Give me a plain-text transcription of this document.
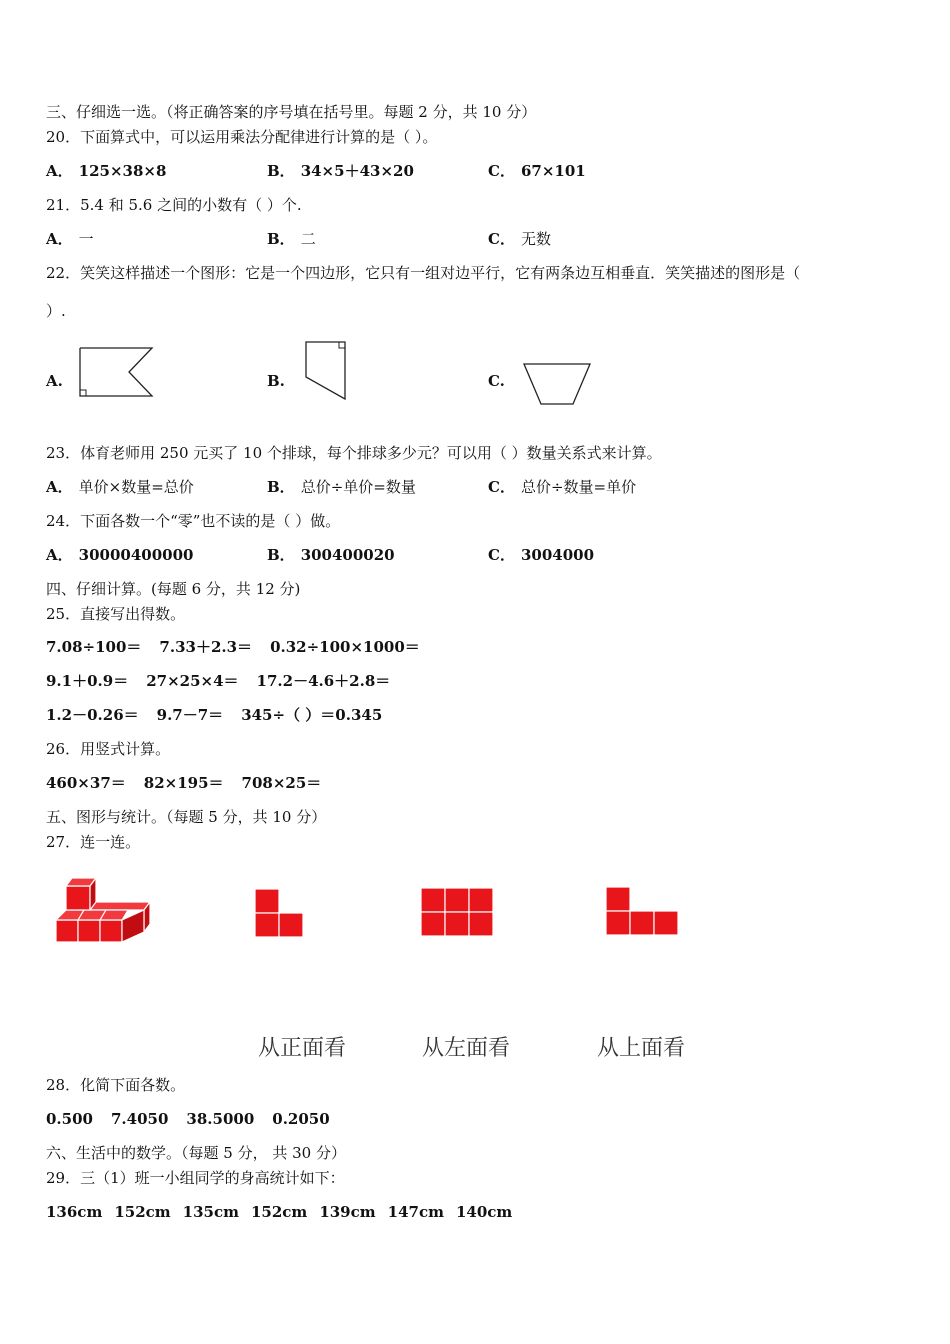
三、仔细选一选。（将正确答案的序号填在括号里。每题 2 分，共 10 分）
20．下面算式中，可以运用乘法分配律进行计算的是（ ）。
A． 125×38×8	B． 34×5＋43×20	C． 67×101
21．5.4 和 5.6 之间的小数有（ ）个.
A． 一	B． 二	C． 无数
22．笑笑这样描述一个图形：它是一个四边形，它只有一组对边平行，它有两条边互相垂直．笑笑描述的图形是（
）.
A.	B.	C.
23．体育老师用 250 元买了 10 个排球，每个排球多少元？可以用（ ）数量关系式来计算。
A． 单价×数量=总价	B． 总价÷单价=数量	C． 总价÷数量=单价
24．下面各数一个“零”也不读的是（ ）做。
A． 30000400000	B． 300400020	C． 3004000
四、仔细计算。(每题 6 分，共 12 分)
25．直接写出得数。
7.08÷100＝ 7.33＋2.3＝ 0.32÷100×1000＝
9.1＋0.9＝ 27×25×4＝ 17.2－4.6＋2.8＝
1.2－0.26＝ 9.7－7＝ 345÷（ ）＝0.345
26．用竖式计算。
460×37＝ 82×195＝ 708×25＝
五、图形与统计。（每题 5 分，共 10 分）
27．连一连。
从正面看	从左面看	从上面看
28．化简下面各数。
0.500 7.4050 38.5000 0.2050
六、生活中的数学。（每题 5 分， 共 30 分）
29．三（1）班一小组同学的身高统计如下：
136cm 152cm 135cm 152cm 139cm 147cm 140cm
